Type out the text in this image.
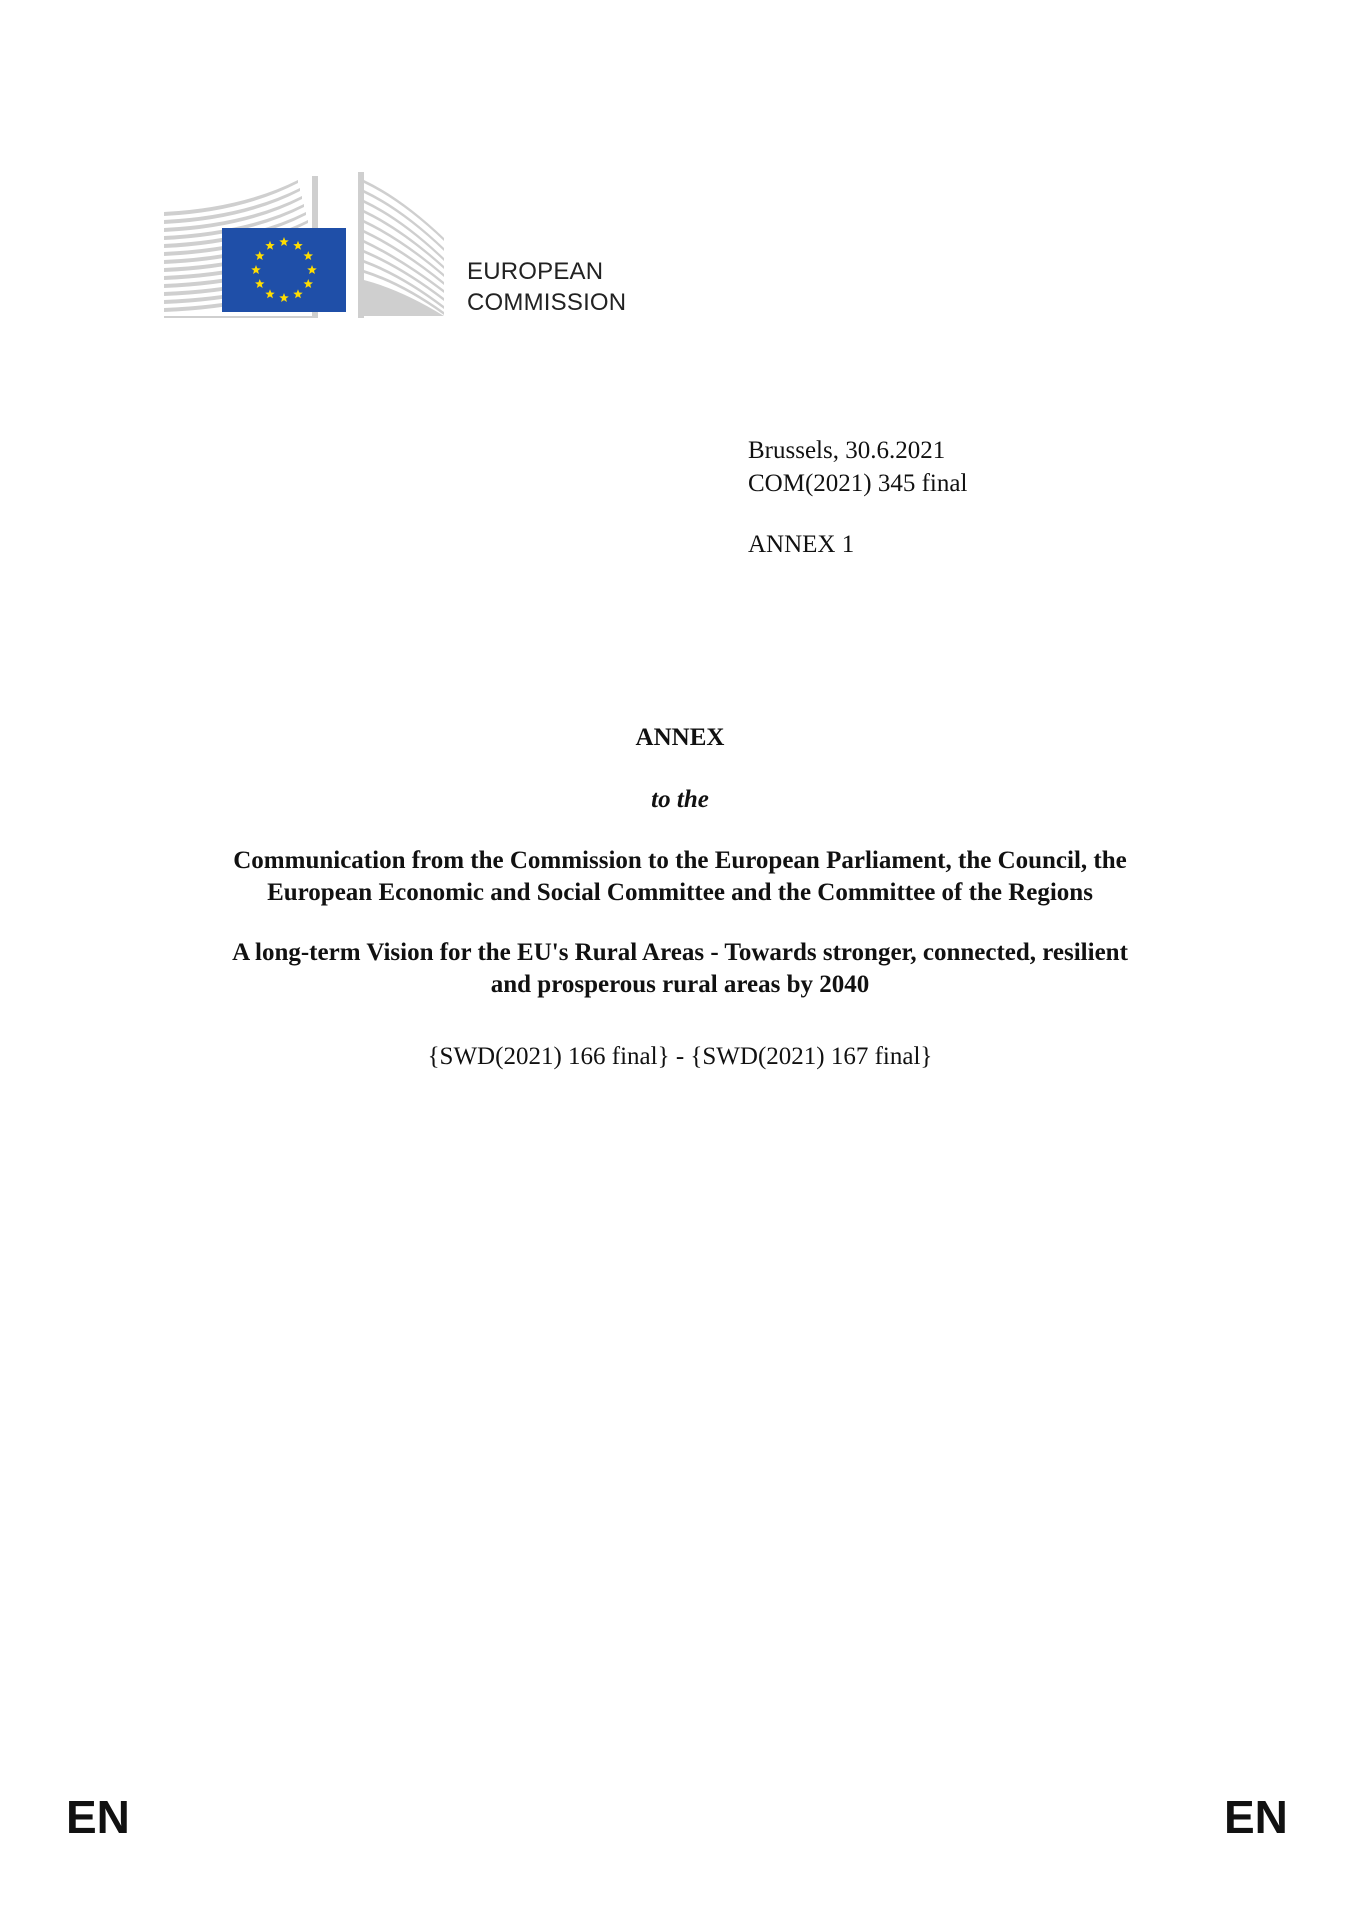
EUROPEAN
COMMISSION
Brussels, 30.6.2021
COM(2021) 345 final
ANNEX 1
ANNEX
to the
Communication from the Commission to the European Parliament, the Council, the
European Economic and Social Committee and the Committee of the Regions
A long-term Vision for the EU's Rural Areas - Towards stronger, connected, resilient
and prosperous rural areas by 2040
{SWD(2021) 166 final} - {SWD(2021) 167 final}
EN	EN
